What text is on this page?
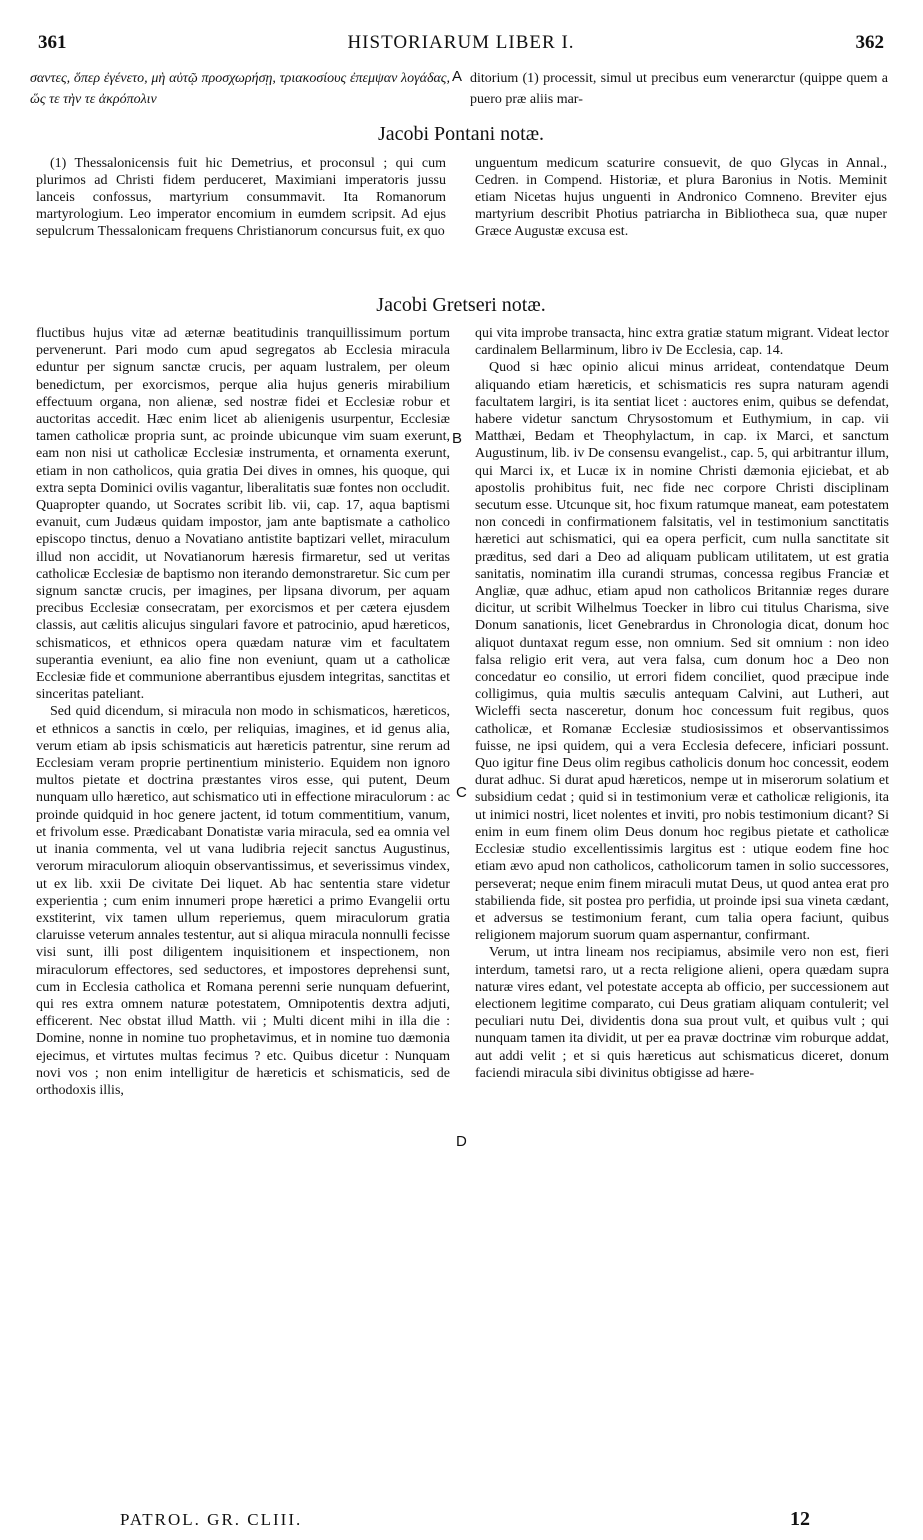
361	HISTORIARUM LIBER I.	362
σαντες, ὅπερ ἐγένετο, μὴ αὐτῷ προσχωρήσῃ, τριακοσίους ἐπεμψαν λογάδας, ὥς τε τὴν τε ἀκρόπολιν
ditorium (1) processit, simul ut precibus eum venerarctur (quippe quem a puero præ aliis mar-
A
B
C
D
Jacobi Pontani notæ.

(1) Thessalonicensis fuit hic Demetrius, et proconsul ; qui cum plurimos ad Christi fidem perduceret, Maximiani imperatoris jussu lanceis confossus, martyrium consummavit. Ita Romanorum martyrologium. Leo imperator encomium in eumdem scripsit. Ad ejus sepulcrum Thessalonicam frequens Christianorum concursus fuit, ex quo

unguentum medicum scaturire consuevit, de quo Glycas in Annal., Cedren. in Compend. Historiæ, et plura Baronius in Notis. Meminit etiam Nicetas hujus unguenti in Andronico Comneno. Breviter ejus martyrium describit Photius patriarcha in Bibliotheca sua, quæ nuper Græce Augustæ excusa est.

Jacobi Gretseri notæ.

fluctibus hujus vitæ ad æternæ beatitudinis tranquillissimum portum pervenerunt. Pari modo cum apud segregatos ab Ecclesia miracula eduntur per signum sanctæ crucis, per aquam lustralem, per oleum benedictum, per exorcismos, perque alia hujus generis mirabilium effectuum organa, non alienæ, sed nostræ fidei et Ecclesiæ robur et auctoritas accedit. Hæc enim licet ab alienigenis usurpentur, Ecclesiæ tamen catholicæ propria sunt, ac proinde ubicunque vim suam exerunt, eam non nisi ut catholicæ Ecclesiæ instrumenta, et ornamenta exerunt, etiam in non catholicos, quia gratia Dei dives in omnes, his quoque, qui extra septa Dominici ovilis vagantur, liberalitatis suæ fontes non occludit. Quapropter quando, ut Socrates scribit lib. vii, cap. 17, aqua baptismi evanuit, cum Judæus quidam impostor, jam ante baptismate a catholico episcopo tinctus, denuo a Novatiano antistite baptizari vellet, miraculum illud non accidit, ut Novatianorum hæresis firmaretur, sed ut veritas catholicæ Ecclesiæ de baptismo non iterando demonstraretur. Sic cum per signum sanctæ crucis, per imagines, per lipsana divorum, per aquam precibus Ecclesiæ consecratam, per exorcismos et per cætera ejusdem classis, aut cælitis alicujus singulari favore et patrocinio, apud hæreticos, schismaticos, et ethnicos opera quædam naturæ vim et facultatem superantia eveniunt, ea alio fine non eveniunt, quam ut a catholicæ Ecclesiæ fide et communione aberrantibus ejusdem integritas, sanctitas et sinceritas pateliant.

Sed quid dicendum, si miracula non modo in schismaticos, hæreticos, et ethnicos a sanctis in cœlo, per reliquias, imagines, et id genus alia, verum etiam ab ipsis schismaticis aut hæreticis patrentur, sine rerum ad Ecclesiam veram propriе pertinentium ministerio. Equidem non ignoro multos pietate et doctrina præstantes viros esse, qui putent, Deum nunquam ullo hæretico, aut schismatico uti in effectione miraculorum : ac proinde quidquid in hoc genere jactent, id totum commentitium, vanum, et frivolum esse. Prædicabant Donatistæ varia miracula, sed ea omnia vel ut inania commenta, vel ut vana ludibria rejecit sanctus Augustinus, verorum miraculorum alioquin observantissimus, et severissimus vindex, ut ex lib. xxii De civitate Dei liquet. Ab hac sententia stare videtur experientia ; cum enim innumeri prope hæretici a primo Evangelii ortu exstiterint, vix tamen ullum reperiemus, quem miraculorum gratia claruisse veterum annales testentur, aut si aliqua miracula nonnulli fecisse visi sunt, illi post diligentem inquisitionem et inspectionem, non miraculorum effectores, sed seductores, et impostores deprehensi sunt, cum in Ecclesia catholica et Romana perenni serie nunquam defuerint, qui res extra omnem naturæ potestatem, Omnipotentis dextra adjuti, efficerent. Nec obstat illud Matth. vii ; Multi dicent mihi in illa die : Domine, nonne in nomine tuo prophetavimus, et in nomine tuo dæmonia ejecimus, et virtutes multas fecimus ? etc. Quibus dicetur : Nunquam novi vos ; non enim intelligitur de hæreticis et schismaticis, sed de orthodoxis illis,

qui vita improbe transacta, hinc extra gratiæ statum migrant. Videat lector cardinalem Bellarminum, libro iv De Ecclesia, cap. 14.

Quod si hæc opinio alicui minus arrideat, contendatque Deum aliquando etiam hæreticis, et schismaticis res supra naturam agendi facultatem largiri, is ita sentiat licet : auctores enim, quibus se defendat, habere videtur sanctum Chrysostomum et Euthymium, in cap. vii Matthæi, Bedam et Theophylactum, in cap. ix Marci, et sanctum Augustinum, lib. iv De consensu evangelist., cap. 5, qui arbitrantur illum, qui Marci ix, et Lucæ ix in nomine Christi dæmonia ejiciebat, et ab apostolis prohibitus fuit, nec fide nec corpore Christi disciplinam secutum esse. Utcunque sit, hoc fixum ratumque maneat, eam potestatem non concedi in confirmationem falsitatis, vel in testimonium sanctitatis hæretici aut schismatici, qui ea opera perficit, cum nulla sanctitate sit præditus, sed dari a Deo ad aliquam publicam utilitatem, ut est gratia sanitatis, nominatim illa curandi strumas, concessa regibus Franciæ et Angliæ, quæ adhuc, etiam apud non catholicos Britanniæ reges durare dicitur, ut scribit Wilhelmus Toecker in libro cui titulus Charisma, sive Donum sanationis, licet Genebrardus in Chronologia dicat, donum hoc aliquot duntaxat regum esse, non omnium. Sed sit omnium : non ideo falsa religio erit vera, aut vera falsa, cum donum hoc a Deo non concedatur eo consilio, ut errori fidem conciliet, quod præcipue inde colligimus, quia multis sæculis antequam Calvini, aut Lutheri, aut Wicleffi secta nasceretur, donum hoc concessum fuit regibus, quos catholicæ, et Romanæ Ecclesiæ studiosissimos et observantissimos fuisse, ne ipsi quidem, qui a vera Ecclesia defecere, inficiari possunt. Quo igitur fine Deus olim regibus catholicis donum hoc concessit, eodem durat adhuc. Si durat apud hæreticos, nempe ut in miserorum solatium et subsidium cedat ; quid si in testimonium veræ et catholicæ religionis, ita ut inimici nostri, licet nolentes et inviti, pro nobis testimonium dicant? Si enim in eum finem olim Deus donum hoc regibus pietate et catholicæ Ecclesiæ studio excellentissimis largitus est : utique eodem fine hoc etiam ævo apud non catholicos, catholicorum tamen in solio successores, perseverat; neque enim finem miraculi mutat Deus, ut quod antea erat pro stabilienda fide, sit postea pro perfidia, ut proinde ipsi sua vineta cædant, et adversus se testimonium ferant, cum talia opera faciunt, quibus religionem majorum suorum quam aspernantur, confirmant.

Verum, ut intra lineam nos recipiamus, absimile vero non est, fieri interdum, tametsi raro, ut a recta religione alieni, opera quædam supra naturæ vires edant, vel potestate accepta ab officio, per successionem aut electionem legitime comparato, cui Deus gratiam aliquam contulerit; vel peculiari nutu Dei, dividentis dona sua prout vult, et quibus vult ; qui nunquam tamen ita dividit, ut per ea pravæ doctrinæ vim roburque addat, aut addi velit ; et si quis hæreticus aut schismaticus diceret, donum faciendi miracula sibi divinitus obtigisse ad hære-

PATROL. GR. CLIII.	12
